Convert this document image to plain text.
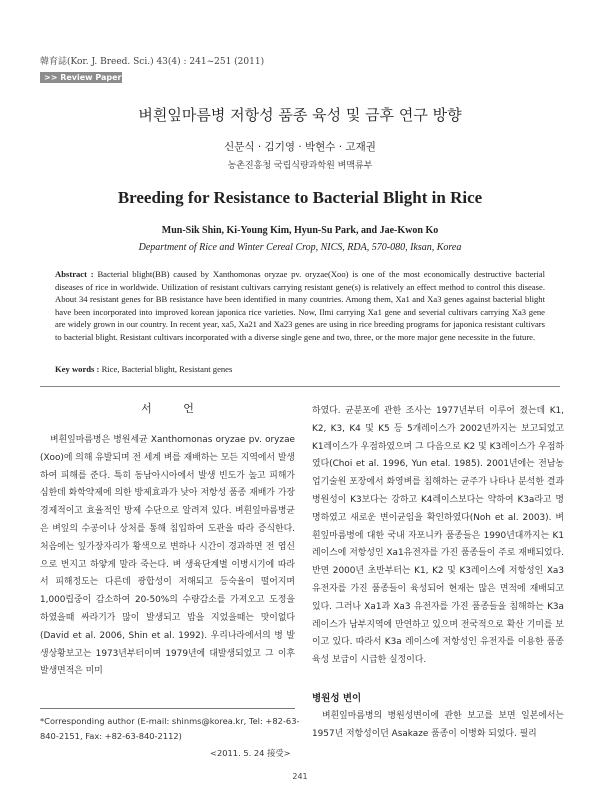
韓育誌(Kor. J. Breed. Sci.) 43(4) : 241~251 (2011)
>> Review Paper
벼흰잎마름병 저항성 품종 육성 및 금후 연구 방향
신문식 · 김기영 · 박현수 · 고재권
농촌진흥청 국립식량과학원 벼맥류부
Breeding for Resistance to Bacterial Blight in Rice
Mun-Sik Shin, Ki-Young Kim, Hyun-Su Park, and Jae-Kwon Ko
Department of Rice and Winter Cereal Crop, NICS, RDA, 570-080, Iksan, Korea
Abstract : Bacterial blight(BB) caused by Xanthomonas oryzae pv. oryzae(Xoo) is one of the most economically destructive bacterial diseases of rice in worldwide. Utilization of resistant cultivars carrying resistant gene(s) is relatively an effect method to control this disease. About 34 resistant genes for BB resistance have been identified in many countries. Among them, Xa1 and Xa3 genes against bacterial blight have been incorporated into improved korean japonica rice varieties. Now, Ilmi carrying Xa1 gene and severial cultivars carrying Xa3 gene are widely grown in our country. In recent year, xa5, Xa21 and Xa23 genes are using in rice breeding programs for japonica resistant cultivars to bacterial blight. Resistant cultivars incorporated with a diverse single gene and two, three, or the more major gene necessite in the future.
Key words : Rice, Bacterial blight, Resistant genes
서 언

벼흰잎마름병은 병원세균 Xanthomonas oryzae pv. oryzae (Xoo)에 의해 유발되며 전 세계 벼를 재배하는 모든 지역에서 발생하여 피해를 준다. 특히 동남아시아에서 발생 빈도가 높고 피해가 심한데 화학약제에 의한 방제효과가 낮아 저항성 품종 재배가 가장 경제적이고 효율적인 방제 수단으로 알려져 있다. 벼흰잎마름병균은 벼잎의 수공이나 상처를 통해 침입하여 도관을 따라 증식한다. 처음에는 잎가장자리가 황색으로 변하나 시간이 경과하면 전 엽신으로 번지고 하얗게 말라 죽는다. 벼 생육단계별 이병시기에 따라서 피해정도는 다른데 광합성이 저해되고 등숙율이 떨어지며 1,000립중이 감소하여 20-50%의 수량감소를 가져오고 도정을 하였을때 싸라기가 많이 발생되고 밥을 지었을때는 맛이없다(David et al. 2006, Shin et al. 1992). 우리나라에서의 병 발생상황보고는 1973년부터이며 1979년에 대발생되었고 그 이후 발생면적은 미미

하였다. 균분포에 관한 조사는 1977년부터 이루어 졌는데 K1, K2, K3, K4 및 K5 등 5개레이스가 2002년까지는 보고되었고 K1레이스가 우점하였으며 그 다음으로 K2 및 K3레이스가 우점하였다(Choi et al. 1996, Yun etal. 1985). 2001년에는 전남농업기술원 포장에서 화영벼를 침해하는 균주가 나타나 분석한 결과 병원성이 K3보다는 강하고 K4레이스보다는 약하여 K3a라고 명명하였고 새로운 변이균임을 확인하였다(Noh et al. 2003). 벼흰잎마름병에 대한 국내 자포니카 품종들은 1990년대까지는 K1레이스에 저항성인 Xa1유전자를 가진 품종들이 주로 재배되었다. 반면 2000년 초반부터는 K1, K2 및 K3레이스에 저항성인 Xa3 유전자를 가진 품종들이 육성되어 현재는 많은 면적에 재배되고 있다. 그러나 Xa1과 Xa3 유전자를 가진 품종들을 침해하는 K3a 레이스가 남부지역에 만연하고 있으며 전국적으로 확산 기미를 보이고 있다. 따라서 K3a 레이스에 저항성인 유전자를 이용한 품종육성 보급이 시급한 실정이다.

병원성 변이

벼흰잎마름병의 병원성변이에 관한 보고를 보면 일본에서는 1957년 저항성이던 Asakaze 품종이 이병화 되었다. 필리

*Corresponding author (E-mail: shinms@korea.kr, Tel: +82-63-
840-2151, Fax: +82-63-840-2112)
<2011. 5. 24 接受>
241
